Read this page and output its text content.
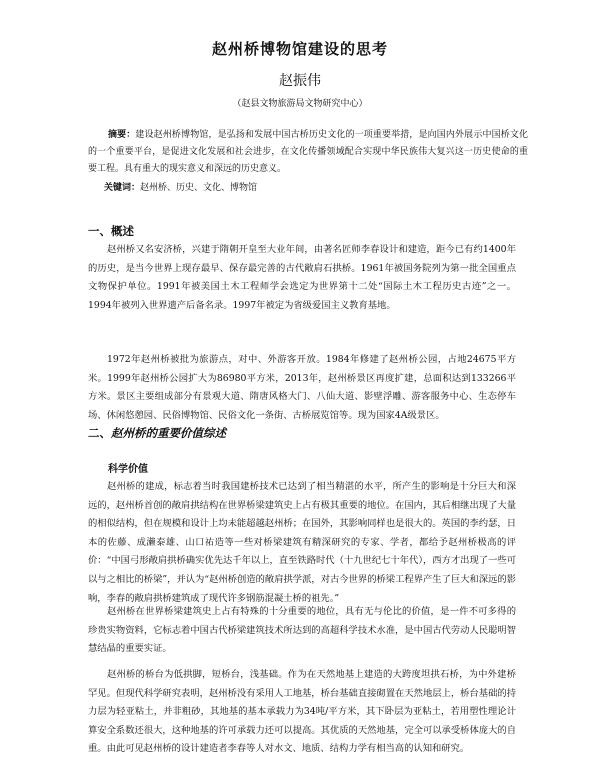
赵州桥博物馆建设的思考
赵振伟
（赵县文物旅游局文物研究中心）
摘要：建设赵州桥博物馆，是弘扬和发展中国古桥历史文化的一项重要举措，是向国内外展示中国桥文化的一个重要平台，是促进文化发展和社会进步，在文化传播领域配合实现中华民族伟大复兴这一历史使命的重要工程。具有重大的现实意义和深远的历史意义。
关键词：赵州桥、历史、文化、博物馆
一、概述

赵州桥又名安济桥，兴建于隋朝开皇至大业年间，由著名匠师李春设计和建造，距今已有约1400年的历史，是当今世界上现存最早、保存最完善的古代敞肩石拱桥。1961年被国务院列为第一批全国重点文物保护单位。1991年被美国土木工程师学会选定为世界第十二处“国际土木工程历史古迹”之一。1994年被列入世界遗产后备名录。1997年被定为省级爱国主义教育基地。

1972年赵州桥被批为旅游点，对中、外游客开放。1984年修建了赵州桥公园，占地24675平方米。1999年赵州桥公园扩大为86980平方米，2013年，赵州桥景区再度扩建，总面积达到133266平方米。景区主要组成部分有景观大道、隋唐风格大门、八仙大道、影壁浮雕、游客服务中心、生态停车场、休闲悠憩园、民俗博物馆、民俗文化一条街、古桥展览馆等。现为国家4A级景区。

二、赵州桥的重要价值综述
科学价值

赵州桥的建成，标志着当时我国建桥技术已达到了相当精湛的水平，所产生的影响是十分巨大和深远的，赵州桥首创的敞肩拱结构在世界桥梁建筑史上占有极其重要的地位。在国内，其后相继出现了大量的相似结构，但在规模和设计上均未能超越赵州桥；在国外，其影响同样也是很大的。英国的李约瑟，日本的佐藤、成濑泰雄、山口祐造等一些对桥梁建筑有精深研究的专家、学者，都给予赵州桥极高的评价：“中国弓形敞肩拱桥确实优先达千年以上，直至铁路时代（十九世纪七十年代），西方才出现了一些可以与之相比的桥梁”，并认为“赵州桥创造的敞肩拱学派，对古今世界的桥梁工程界产生了巨大和深远的影响，李春的敞肩拱桥建筑成了现代许多钢筋混凝土桥的祖先。”

赵州桥在世界桥梁建筑史上占有特殊的十分重要的地位，具有无与伦比的价值，是一件不可多得的珍贵实物资料，它标志着中国古代桥梁建筑技术所达到的高超科学技术水准，是中国古代劳动人民聪明智慧结晶的重要实证。

赵州桥的桥台为低拱脚，短桥台，浅基础。作为在天然地基上建造的大跨度坦拱石桥，为中外建桥罕见。但现代科学研究表明，赵州桥没有采用人工地基，桥台基础直接砌置在天然地层上，桥台基础的持力层为轻亚粘土，并非粗砂，其地基的基本承载力为34吨/平方米，其下卧层为亚粘土，若用塑性理论计算安全系数还很大，这种地基的许可承载力还可以提高。其优质的天然地基，完全可以承受桥体庞大的自重。由此可见赵州桥的设计建造者李春等人对水文、地质、结构力学有相当高的认知和研究。
